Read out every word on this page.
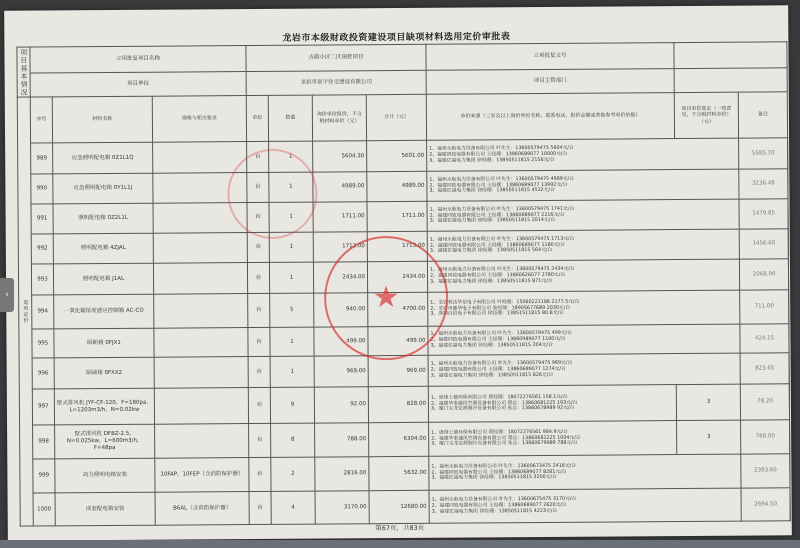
龙岩市本级财政投资建设项目缺项材料选用定价审批表
项目基本情况	立项批复项目名称			古韵小区二区国控项目				立项批复文号			
	项目单位			龙岩市宸宇住宅建设有限公司				项目主管部门			
选用定价	序号	材料名称	规格与相关要求	单位	数量	询价单位报价，不含税材料单价（元）	合计（元）	单价来源（三家及以上询价单位名称、联系电话、报价金额或其他参考单价依据）	项目单位选定（一致意见，不含税材料单价）（元）	备注	
	989	应急照明配电箱 0Z1L1Q		台	1	5604.30	5601.00	1、福州永航电力设备有限公司 叶先生：13600579475 5604元/台
2、福建同致电器有限公司 王经理：13860689077 10000元/台
3、福建亿福电力集团 徐经理：13850511815 2156元/台		5585.70	
	990	应急照明配电箱 0Y1L1J		台	1	4989.00	4989.00	1、福州永航电力设备有限公司 叶先生：13600579475 4989元/台
2、福建同致电器有限公司 王经理：13860689077 13992元/台
3、福建亿福电力集团 徐经理：13850511815 4532元/台		3236.48	
	991	照明配电箱 0Z2L1L		台	1	1711.00	1711.00	1、福州永航电力设备有限公司 叶先生：13600579475 1741元/台
2、福建同致电器有限公司 王经理：13860689077 2216元/台
3、福建亿福电力集团 徐经理：13850511815 2014元/台		1479.85	
	992	照明配电箱 4ZJAL		台	1	1713.00	1713.00	1、福州永航电力设备有限公司 叶先生：13600579475 1713元/台
2、福建同致电器有限公司 王经理：13860689077 1180元/台
3、福建亿福电力集团 徐经理：13850511815 564元/台		1456.60	
	993	照明配电箱 J1AL		台	1	2434.00	2434.00	1、福州永航电力设备有限公司 叶先生：13600579475 2434元/台
2、福建同致电器有限公司 王经理：13860626077 2780元/台
3、福建亿福电力集团 徐经理：13850511815 871元/台		2068.90	
	994	一氧化碳浓度感应控制箱 AC-CO		台	5	940.00	4700.00	1、龙岩利达华信电子有限公司 叶经理：15060221186 2177.5元/台
2、龙岩市德华电子有限公司 张经理：18905677689 2030元/台
3、深圳百信电子有限公司 徐经理：13851511815 80.6元/台		711.00	
	995	隔断箱 0FJX1		台	1	499.00	499.00	1、福州永航电力设备有限公司 叶先生：13600579475 499元/台
2、福建同致电器有限公司 王经理：13860989077 1100元/台
3、福建亿福电力集团 徐经理：13850511815 204元/台		424.15	
	996	隔墙箱 0FXX2		台	1	969.00	969.00	1、福州永航电力设备有限公司 叶先生：13600579475 969元/台
2、福建同致电器有限公司 王经理：13860689077 1274元/台
3、福建亿福电力集团 徐经理：13850511815 826元/台		823.65	
	997	壁式排风机 JYF-CF-120，F=180pa，L=1203m3/h，N=0.02kw		台	9	92.00	828.00	1、庞锋上德环保有限公司 蔡经理：18072276561 158.1元/台
2、福建华泰通风空调设备有限公司 蔡总：13860681225 193元/台
3、厦门宝龙安源制冷设备有限公司 张总：13860678989 92元/台	3	78.20	
	998	壁式排风机 DFBZ-2.5，N=0.025kw，L=600m3/h，F=48pa		台	8	788.00	6304.00	1、庞锋上德环保有限公司 蔡经理：18072276561 984.9元/台
2、福建华泰通风空调设备有限公司 蔡总：13860681225 1004元/台
3、厦门宝龙安源制冷设备有限公司 张总：13860679989 788元/台	3	788.00	
	999	动力照明电箱安装	10FAP，10FEP（含消防保护器）	台	2	2816.00	5632.00	1、福州永航电力设备有限公司 叶先生：13600673475 2416元/台
2、福建同致电器有限公司 王经理：13860689077 8281元/台
3、福建亿福电力集团 徐经理：13850511815 3200元/台		2393.60	
	1000	成套配电箱安装	B6AL（含消防保护器）	台	4	3170.00	12680.00	1、福州永航电力设备有限公司 叶先生：13600675475 3170元/台
2、福建同致电器有限公司 王经理：13860689077 2620元/台
3、福建亿福电力集团 徐经理：13850511815 4223元/台		2694.50	
★
第67页，共83页
‹
